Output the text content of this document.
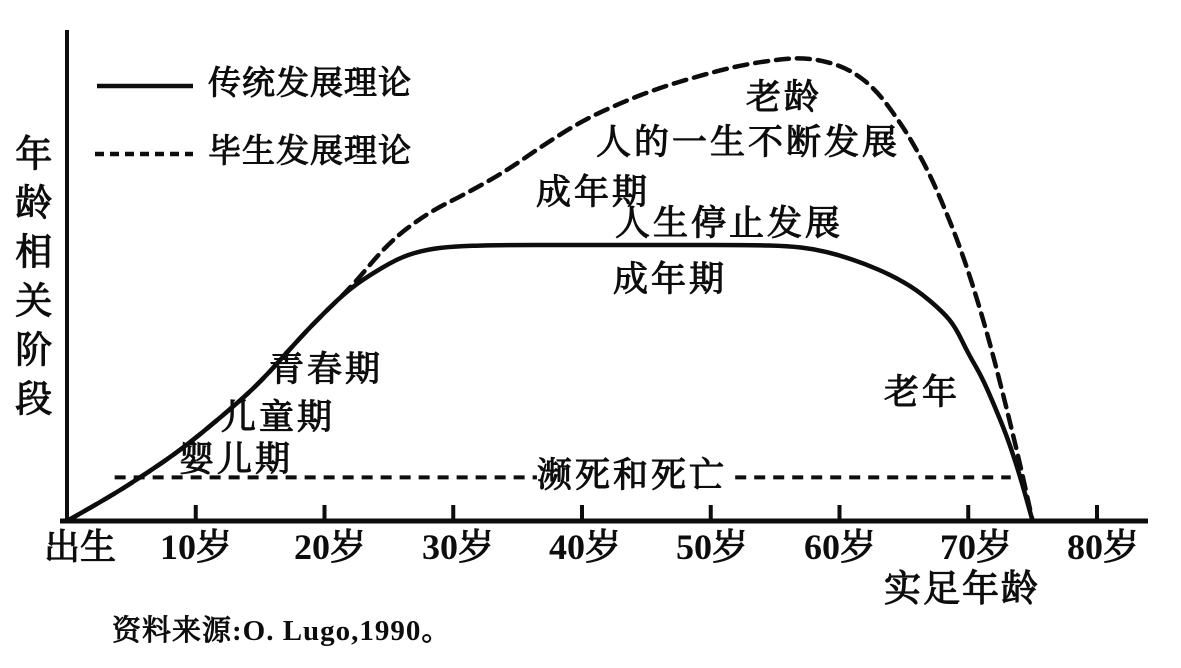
传统发展理论
毕生发展理论
年龄相关阶段
老龄
人的一生不断发展
成年期
人生停止发展
成年期
青春期
儿童期
婴儿期	濒死和死亡
老年
出生 10岁 20岁 30岁 40岁 50岁 60岁 70岁 80岁
实足年龄
资料来源:O. Lugo,1990。
